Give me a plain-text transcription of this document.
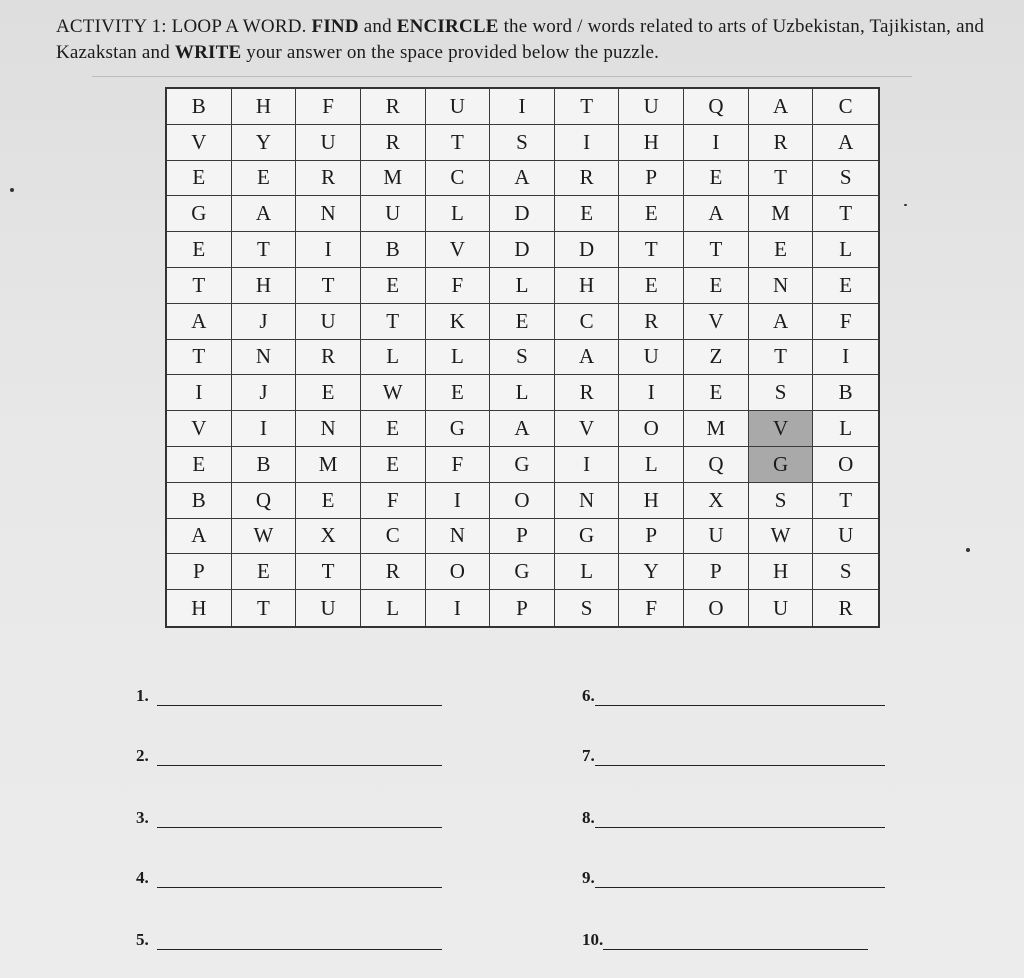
ACTIVITY 1: LOOP A WORD. FIND and ENCIRCLE the word / words related to arts of Uzbekistan, Tajikistan, and Kazakstan and WRITE your answer on the space provided below the puzzle.
B	H	F	R	U	I	T	U	Q	A	C
V	Y	U	R	T	S	I	H	I	R	A
E	E	R	M	C	A	R	P	E	T	S
G	A	N	U	L	D	E	E	A	M	T
E	T	I	B	V	D	D	T	T	E	L
T	H	T	E	F	L	H	E	E	N	E
A	J	U	T	K	E	C	R	V	A	F
T	N	R	L	L	S	A	U	Z	T	I
I	J	E	W	E	L	R	I	E	S	B
V	I	N	E	G	A	V	O	M	V	L
E	B	M	E	F	G	I	L	Q	G	O
B	Q	E	F	I	O	N	H	X	S	T
A	W	X	C	N	P	G	P	U	W	U
P	E	T	R	O	G	L	Y	P	H	S
H	T	U	L	I	P	S	F	O	U	R
1.
2.
3.
4.
5.
6.
7.
8.
9.
10.
